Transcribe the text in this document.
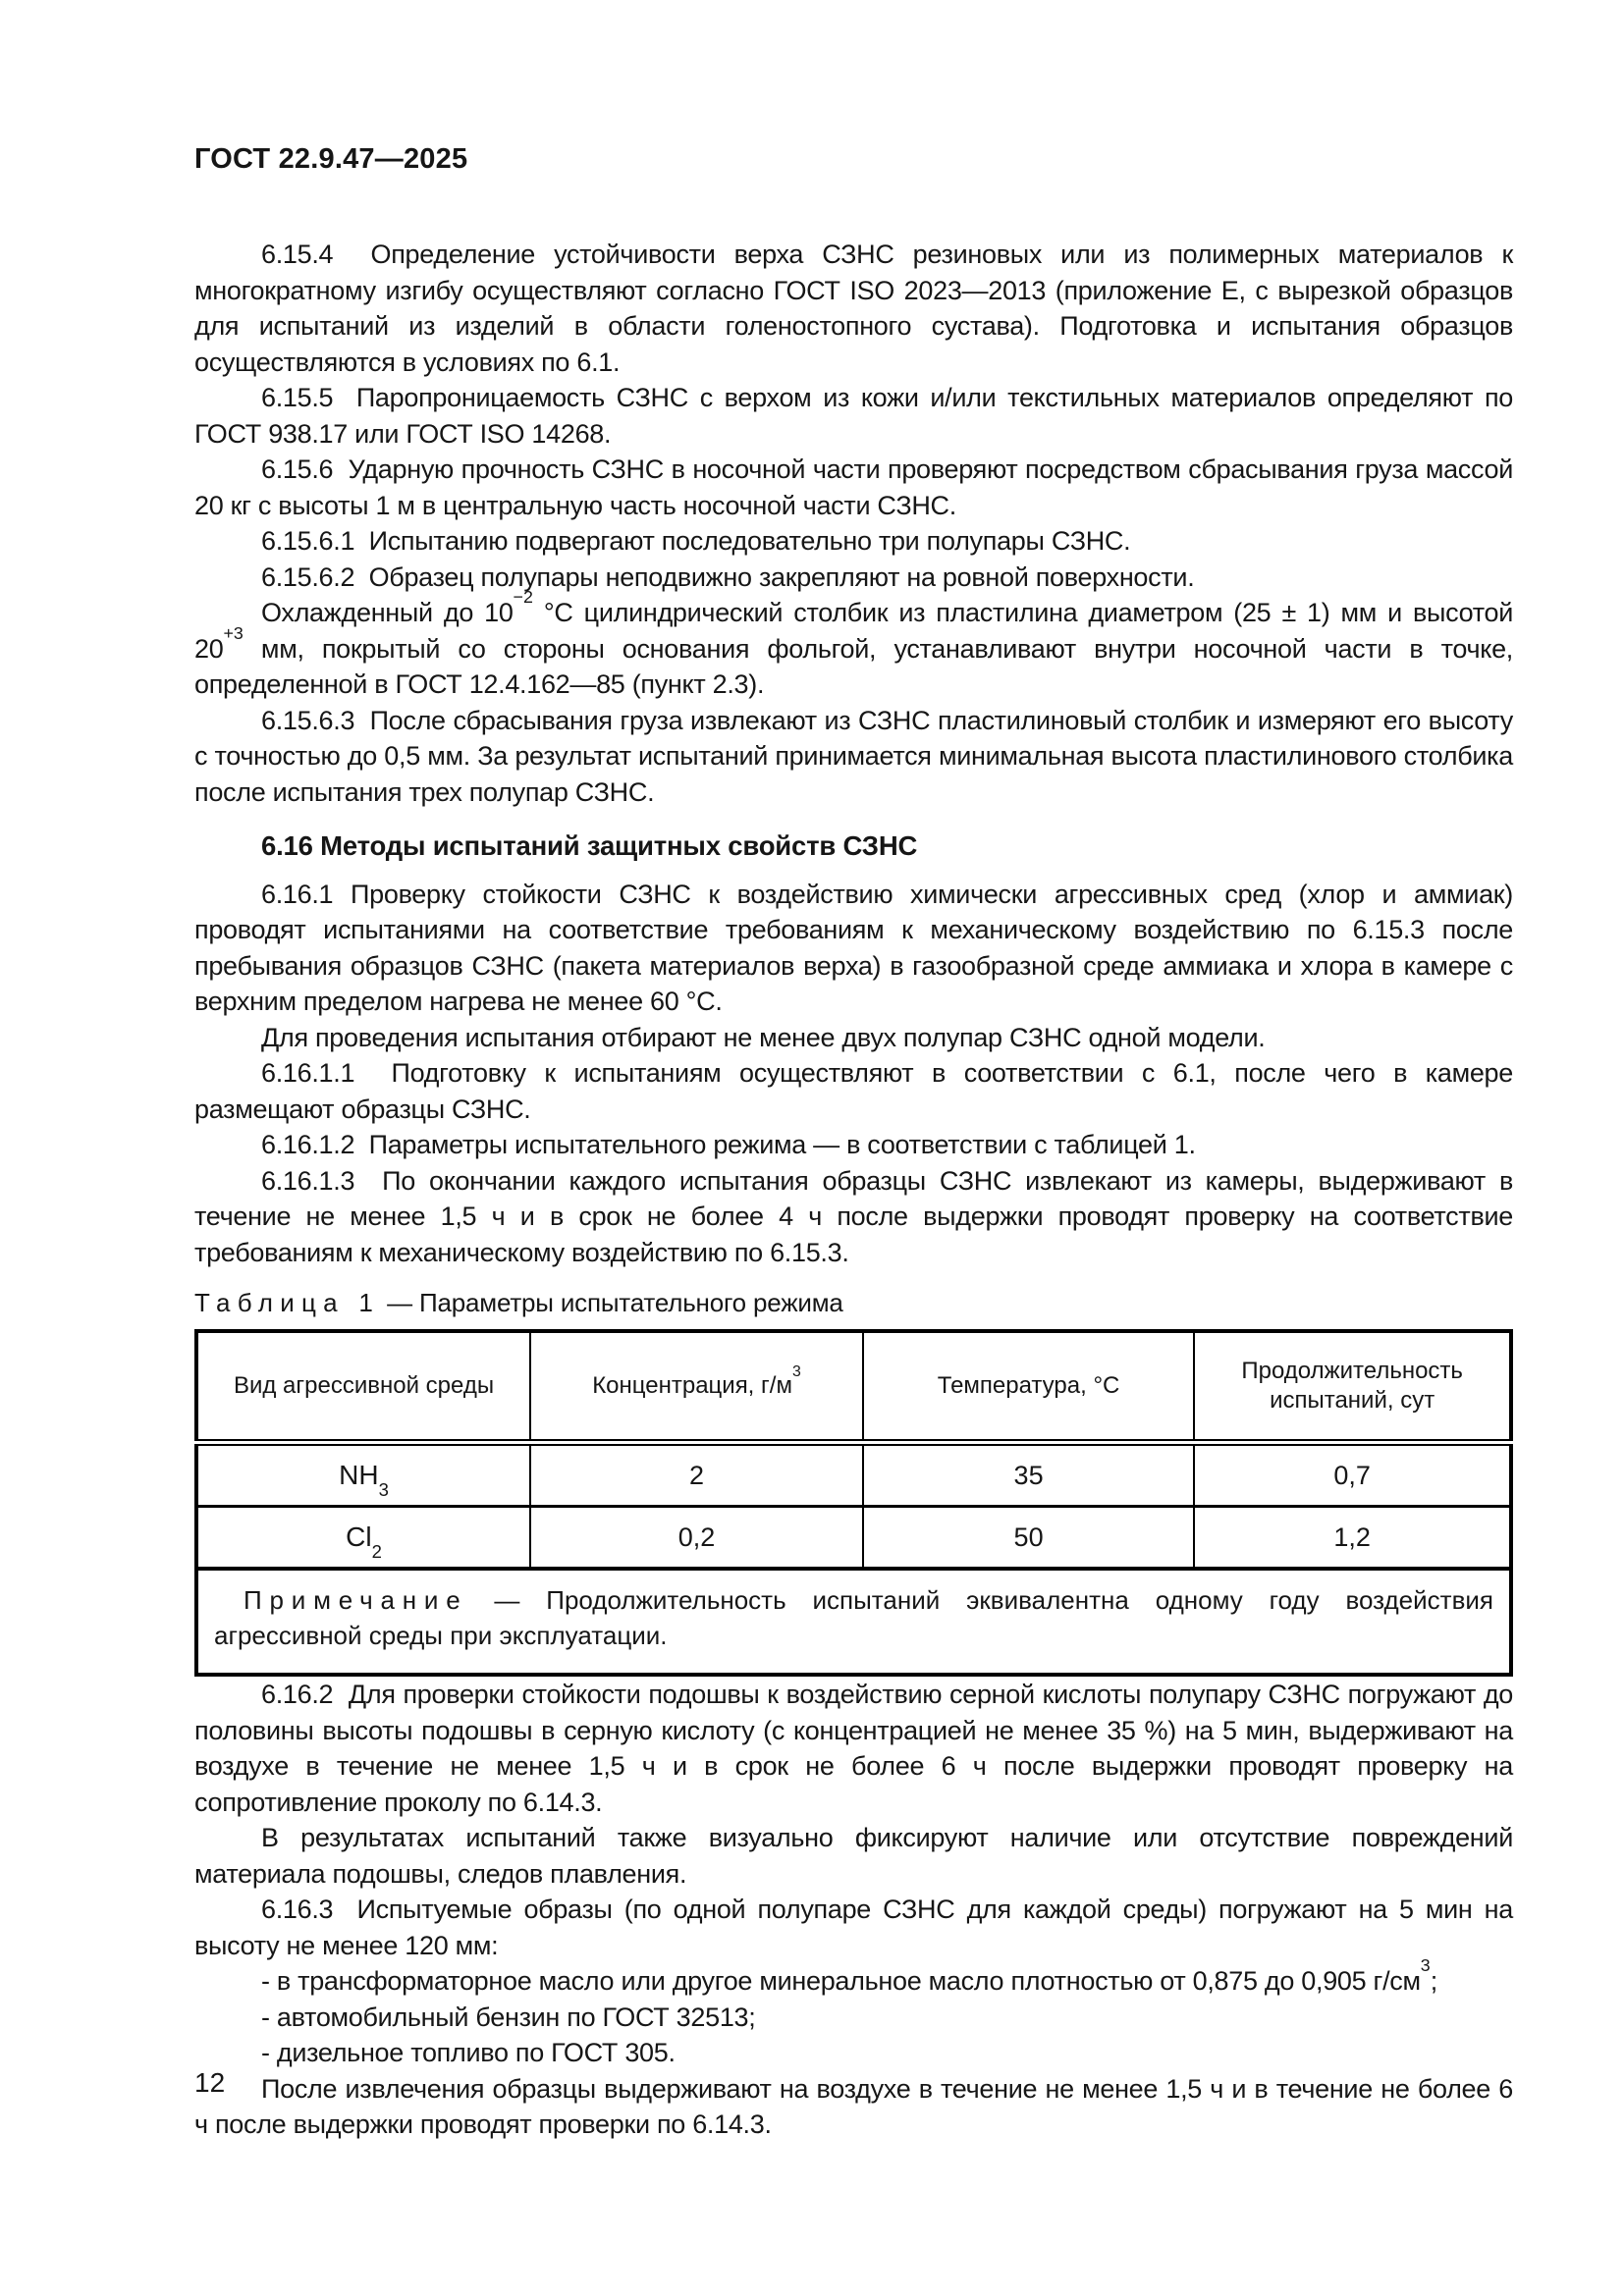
ГОСТ 22.9.47—2025

6.15.4  Определение устойчивости верха СЗНС резиновых или из полимерных материалов к многократному изгибу осуществляют согласно ГОСТ ISO 2023—2013 (приложение Е, с вырезкой образцов для испытаний из изделий в области голеностопного сустава). Подготовка и испытания образцов осуществляются в условиях по 6.1.

6.15.5  Паропроницаемость СЗНС с верхом из кожи и/или текстильных материалов определяют по ГОСТ 938.17 или ГОСТ ISO 14268.

6.15.6  Ударную прочность СЗНС в носочной части проверяют посредством сбрасывания груза массой 20 кг с высоты 1 м в центральную часть носочной части СЗНС.

6.15.6.1  Испытанию подвергают последовательно три полупары СЗНС.

6.15.6.2  Образец полупары неподвижно закрепляют на ровной поверхности.

Охлажденный до $10^{-2}$ °С цилиндрический столбик из пластилина диаметром (25 ± 1) мм и высотой $20^{+3}$ мм, покрытый со стороны основания фольгой, устанавливают внутри носочной части в точке, определенной в ГОСТ 12.4.162—85 (пункт 2.3).

6.15.6.3  После сбрасывания груза извлекают из СЗНС пластилиновый столбик и измеряют его высоту с точностью до 0,5 мм. За результат испытаний принимается минимальная высота пластилинового столбика после испытания трех полупар СЗНС.

6.16 Методы испытаний защитных свойств СЗНС

6.16.1 Проверку стойкости СЗНС к воздействию химически агрессивных сред (хлор и аммиак) проводят испытаниями на соответствие требованиям к механическому воздействию по 6.15.3 после пребывания образцов СЗНС (пакета материалов верха) в газообразной среде аммиака и хлора в камере с верхним пределом нагрева не менее 60 °С.

Для проведения испытания отбирают не менее двух полупар СЗНС одной модели.

6.16.1.1  Подготовку к испытаниям осуществляют в соответствии с 6.1, после чего в камере размещают образцы СЗНС.

6.16.1.2  Параметры испытательного режима — в соответствии с таблицей 1.

6.16.1.3  По окончании каждого испытания образцы СЗНС извлекают из камеры, выдерживают в течение не менее 1,5 ч и в срок не более 4 ч после выдержки проводят проверку на соответствие требованиям к механическому воздействию по 6.15.3.

Таблица 1 — Параметры испытательного режима
Вид агрессивной среды	Концентрация, $г/м^3$	Температура, °С	Продолжительность испытаний, сут
$NH_3$	2	35	0,7
$Cl_2$	0,2	50	1,2
Примечание — Продолжительность испытаний эквивалентна одному году воздействия агрессивной среды при эксплуатации.			

6.16.2  Для проверки стойкости подошвы к воздействию серной кислоты полупару СЗНС погружают до половины высоты подошвы в серную кислоту (с концентрацией не менее 35 %) на 5 мин, выдерживают на воздухе в течение не менее 1,5 ч и в срок не более 6 ч после выдержки проводят проверку на сопротивление проколу по 6.14.3.

В результатах испытаний также визуально фиксируют наличие или отсутствие повреждений материала подошвы, следов плавления.

6.16.3  Испытуемые образы (по одной полупаре СЗНС для каждой среды) погружают на 5 мин на высоту не менее 120 мм:

- в трансформаторное масло или другое минеральное масло плотностью от 0,875 до 0,905 $г/см^3$;

- автомобильный бензин по ГОСТ 32513;

- дизельное топливо по ГОСТ 305.

После извлечения образцы выдерживают на воздухе в течение не менее 1,5 ч и в течение не более 6 ч после выдержки проводят проверки по 6.14.3.

12
